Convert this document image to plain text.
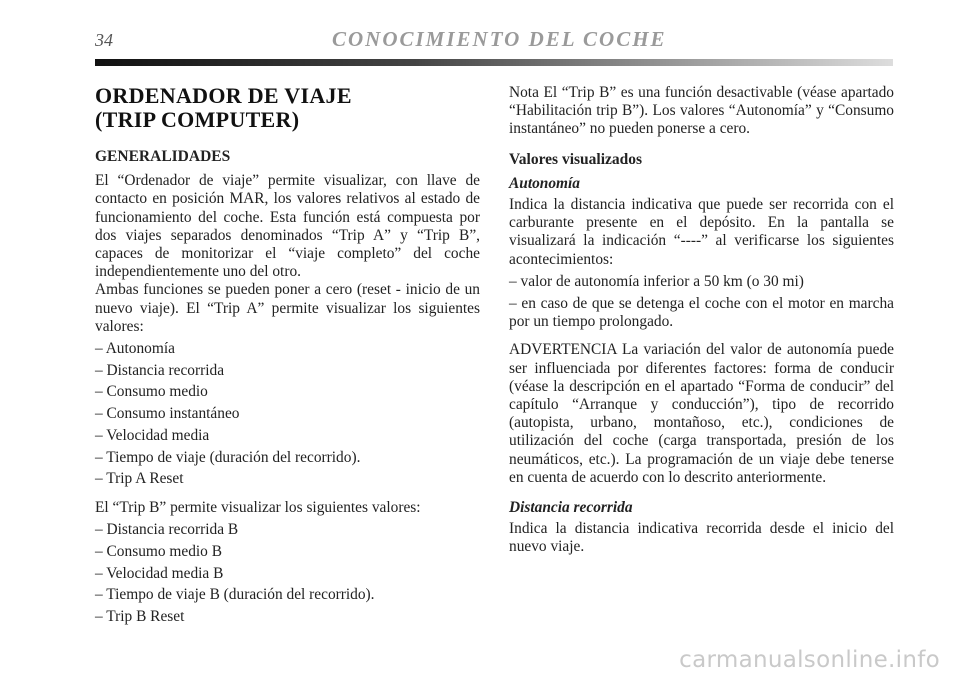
34	CONOCIMIENTO DEL COCHE
ORDENADOR DE VIAJE
(TRIP COMPUTER)
GENERALIDADES

El “Ordenador de viaje” permite visualizar, con llave de contacto en posición MAR, los valores relativos al estado de funcionamiento del coche. Esta función está compuesta por dos viajes separados denominados “Trip A” y “Trip B”, capaces de monitorizar el “viaje completo” del coche independientemente uno del otro.

Ambas funciones se pueden poner a cero (reset - inicio de un nuevo viaje). El “Trip A” permite visualizar los siguientes valores:

– Autonomía
– Distancia recorrida
– Consumo medio
– Consumo instantáneo
– Velocidad media
– Tiempo de viaje (duración del recorrido).
– Trip A Reset

El “Trip B” permite visualizar los siguientes valores:

– Distancia recorrida B
– Consumo medio B
– Velocidad media B
– Tiempo de viaje B (duración del recorrido).
– Trip B Reset

Nota El “Trip B” es una función desactivable (véase apartado “Habilitación trip B”). Los valores “Autonomía” y “Consumo instantáneo” no pueden ponerse a cero.

Valores visualizados
Autonomía

Indica la distancia indicativa que puede ser recorrida con el carburante presente en el depósito. En la pantalla se visualizará la indicación “----” al verificarse los siguientes acontecimientos:

– valor de autonomía inferior a 50 km (o 30 mi)
– en caso de que se detenga el coche con el motor en marcha por un tiempo prolongado.

ADVERTENCIA La variación del valor de autonomía puede ser influenciada por diferentes factores: forma de conducir (véase la descripción en el apartado “Forma de conducir” del capítulo “Arranque y conducción”), tipo de recorrido (autopista, urbano, montañoso, etc.), condiciones de utilización del coche (carga transportada, presión de los neumáticos, etc.). La programación de un viaje debe tenerse en cuenta de acuerdo con lo descrito anteriormente.

Distancia recorrida

Indica la distancia indicativa recorrida desde el inicio del nuevo viaje.

carmanualsonline.info
